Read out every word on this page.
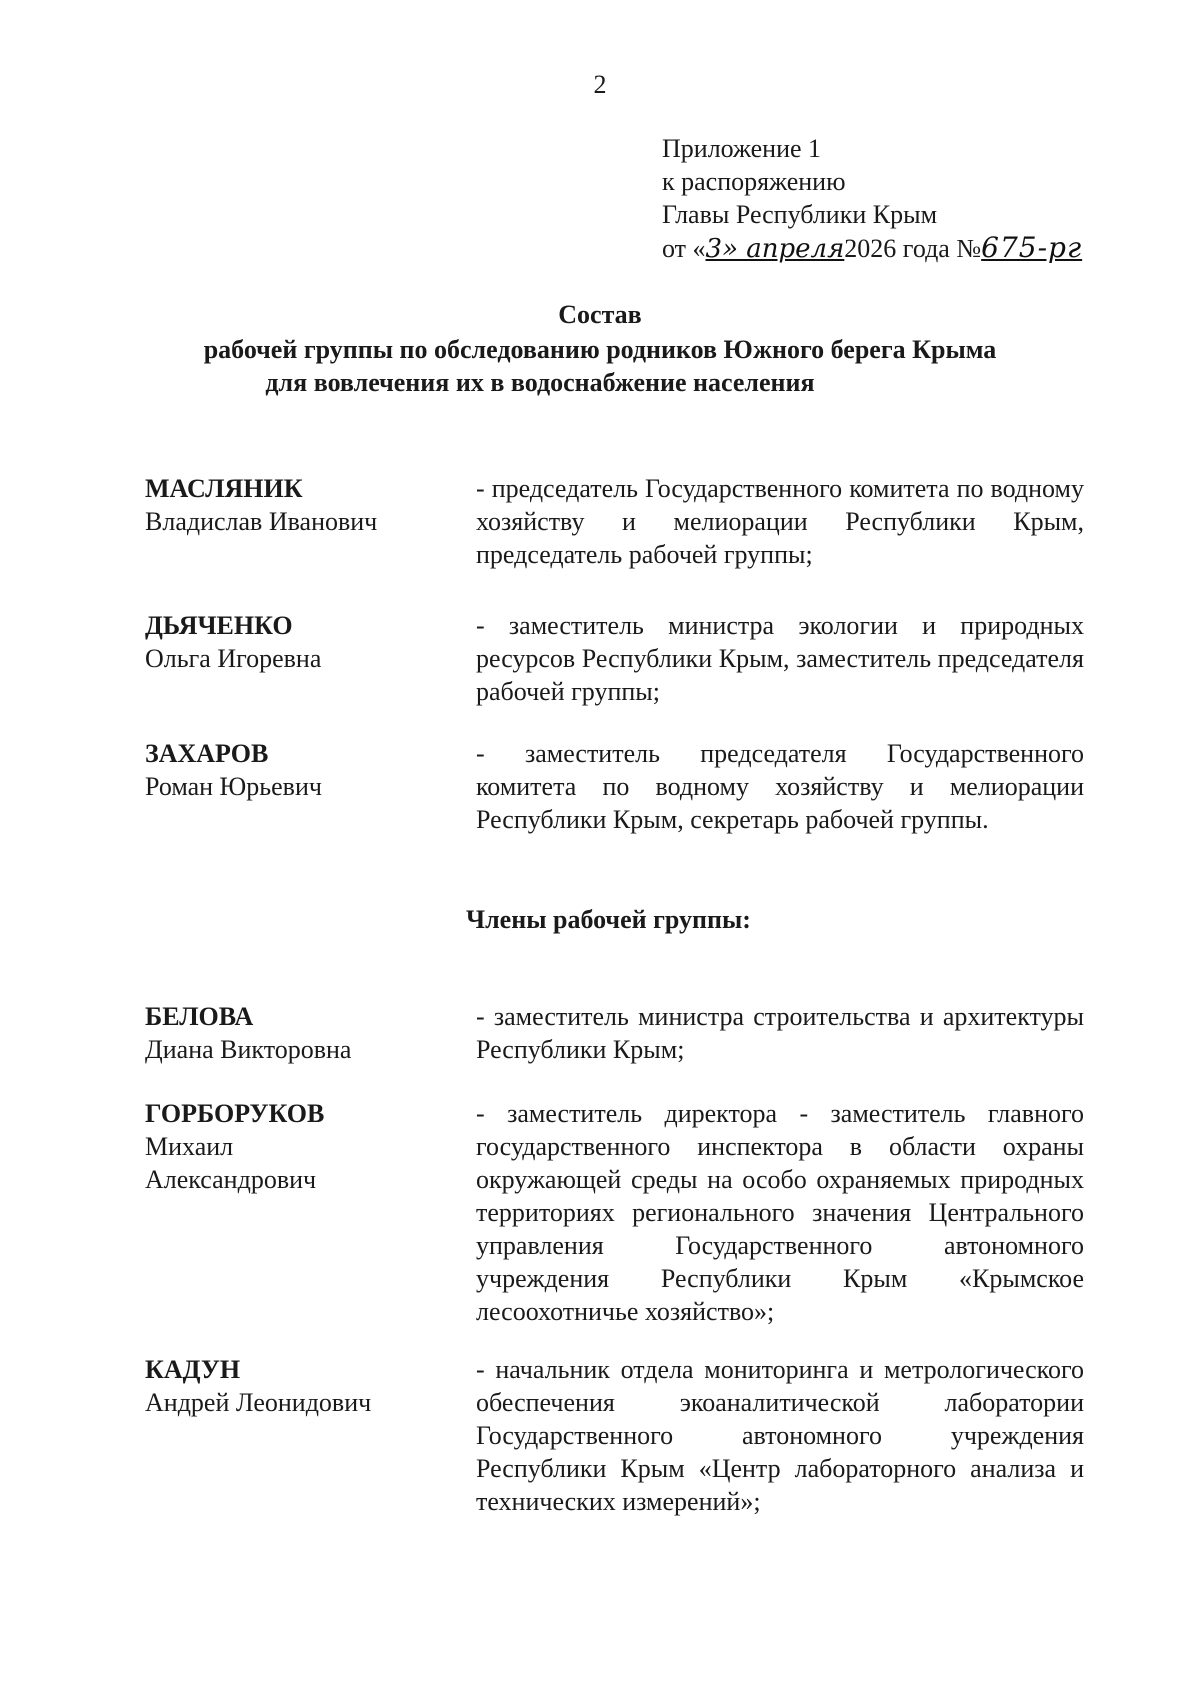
2
Приложение 1
к распоряжению
Главы Республики Крым
от «3» апреля2026 года №675-рг
Состав
рабочей группы по обследованию родников Южного берега Крыма
для вовлечения их в водоснабжение населения
МАСЛЯНИК
Владислав Иванович
- председатель Государственного комитета по водному хозяйству и мелиорации Республики Крым, председатель рабочей группы;
ДЬЯЧЕНКО
Ольга Игоревна
- заместитель министра экологии и природных ресурсов Республики Крым, заместитель председателя рабочей группы;
ЗАХАРОВ
Роман Юрьевич
- заместитель председателя Государственного комитета по водному хозяйству и мелиорации Республики Крым, секретарь рабочей группы.
Члены рабочей группы:
БЕЛОВА
Диана Викторовна
- заместитель министра строительства и архитектуры Республики Крым;
ГОРБОРУКОВ
Михаил Александрович
- заместитель директора - заместитель главного государственного инспектора в области охраны окружающей среды на особо охраняемых природных территориях регионального значения Центрального управления Государственного автономного учреждения Республики Крым «Крымское лесоохотничье хозяйство»;
КАДУН
Андрей Леонидович
- начальник отдела мониторинга и метрологического обеспечения экоаналитической лаборатории Государственного автономного учреждения Республики Крым «Центр лабораторного анализа и технических измерений»;
